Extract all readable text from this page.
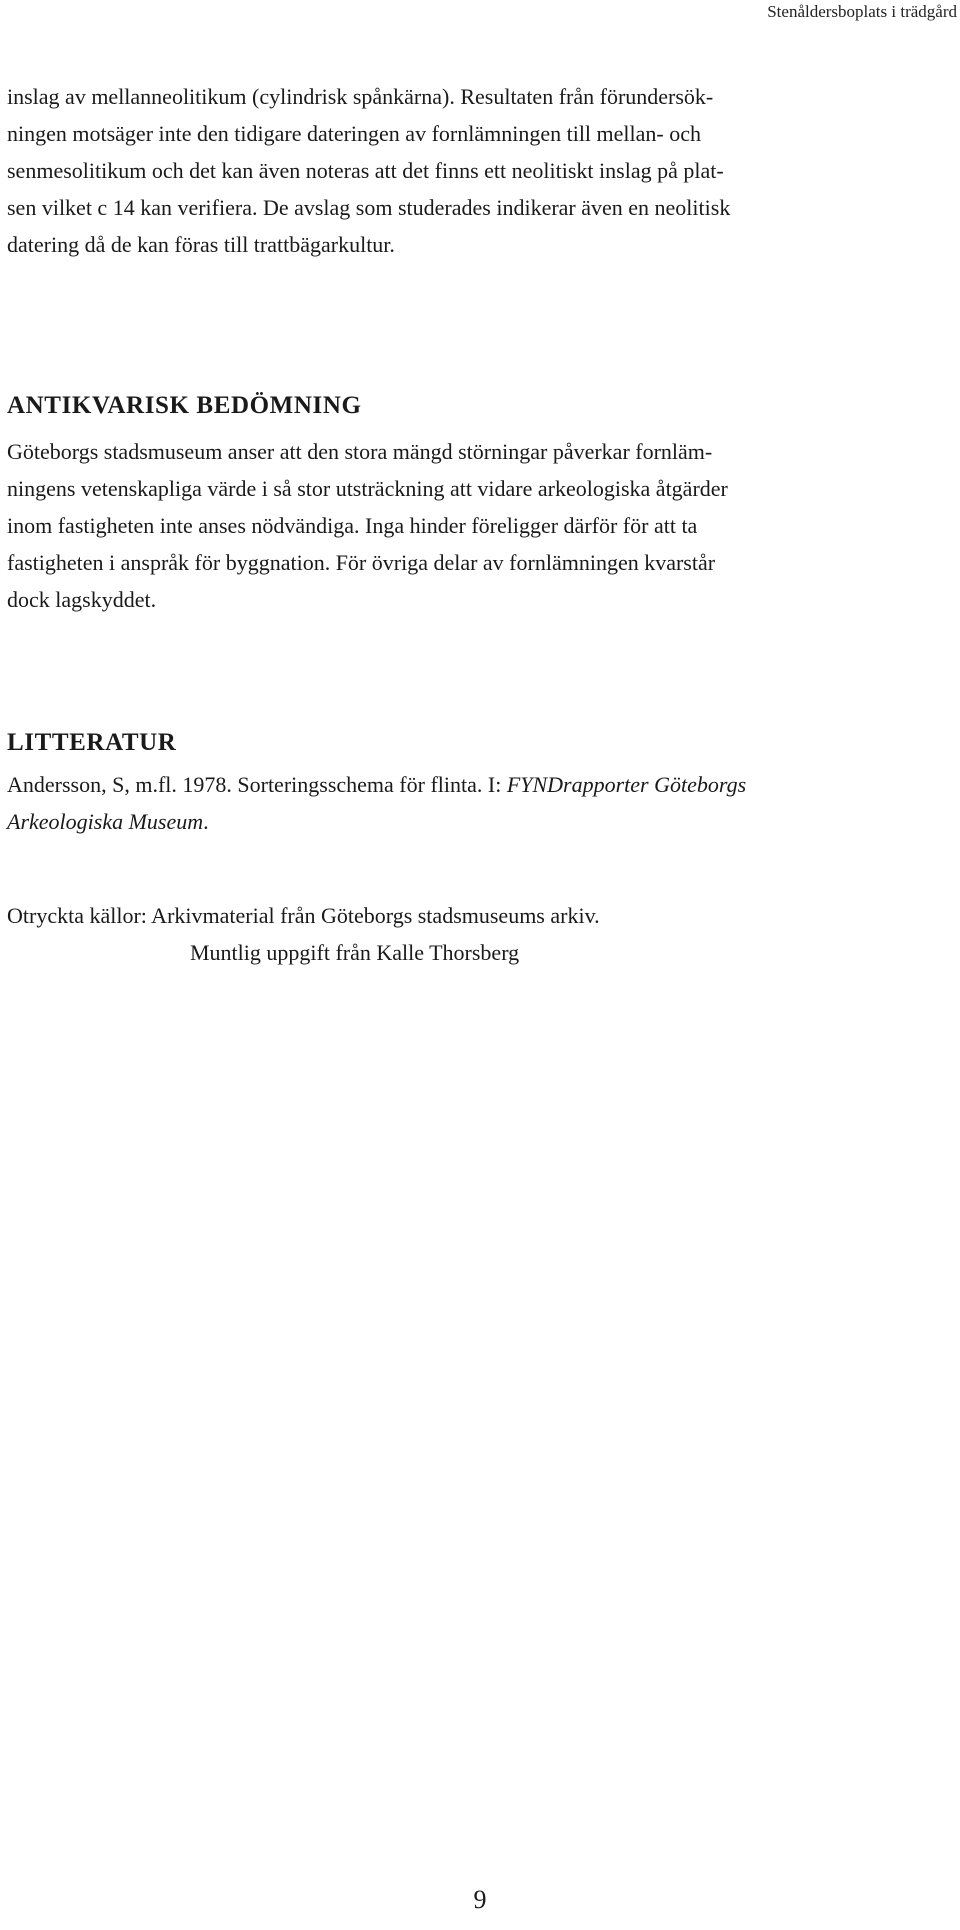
Stenåldersboplats i trädgård

inslag av mellanneolitikum (cylindrisk spånkärna). Resultaten från förundersök-
ningen motsäger inte den tidigare dateringen av fornlämningen till mellan- och
senmesolitikum och det kan även noteras att det finns ett neolitiskt inslag på plat-
sen vilket c 14 kan verifiera. De avslag som studerades indikerar även en neolitisk
datering då de kan föras till trattbägarkultur.

ANTIKVARISK BEDÖMNING

Göteborgs stadsmuseum anser att den stora mängd störningar påverkar fornläm-
ningens vetenskapliga värde i så stor utsträckning att vidare arkeologiska åtgärder
inom fastigheten inte anses nödvändiga. Inga hinder föreligger därför för att ta
fastigheten i anspråk för byggnation. För övriga delar av fornlämningen kvarstår
dock lagskyddet.

LITTERATUR

Andersson, S, m.fl. 1978. Sorteringsschema för flinta. I: FYNDrapporter Göteborgs
Arkeologiska Museum.

Otryckta källor: Arkivmaterial från Göteborgs stadsmuseums arkiv.
Muntlig uppgift från Kalle Thorsberg

9
